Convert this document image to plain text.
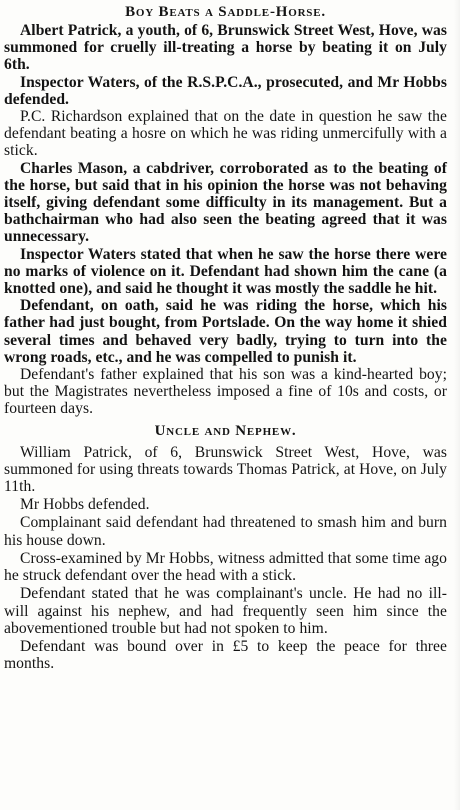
Boy Beats a Saddle-Horse.

Albert Patrick, a youth, of 6, Brunswick Street West, Hove, was summoned for cruelly ill-treating a horse by beating it on July 6th.

Inspector Waters, of the R.S.P.C.A., prosecuted, and Mr Hobbs defended.

P.C. Richardson explained that on the date in question he saw the defendant beating a hosre on which he was riding unmercifully with a stick.

Charles Mason, a cabdriver, corroborated as to the beating of the horse, but said that in his opinion the horse was not behaving itself, giving defendant some difficulty in its management. But a bathchairman who had also seen the beating agreed that it was unnecessary.

Inspector Waters stated that when he saw the horse there were no marks of violence on it. Defendant had shown him the cane (a knotted one), and said he thought it was mostly the saddle he hit.

Defendant, on oath, said he was riding the horse, which his father had just bought, from Portslade. On the way home it shied several times and behaved very badly, trying to turn into the wrong roads, etc., and he was compelled to punish it.

Defendant's father explained that his son was a kind-hearted boy; but the Magistrates nevertheless imposed a fine of 10s and costs, or fourteen days.

Uncle and Nephew.

William Patrick, of 6, Brunswick Street West, Hove, was summoned for using threats towards Thomas Patrick, at Hove, on July 11th.

Mr Hobbs defended.

Complainant said defendant had threatened to smash him and burn his house down.

Cross-examined by Mr Hobbs, witness admitted that some time ago he struck defendant over the head with a stick.

Defendant stated that he was complainant's uncle. He had no ill-will against his nephew, and had frequently seen him since the abovementioned trouble but had not spoken to him.

Defendant was bound over in £5 to keep the peace for three months.
